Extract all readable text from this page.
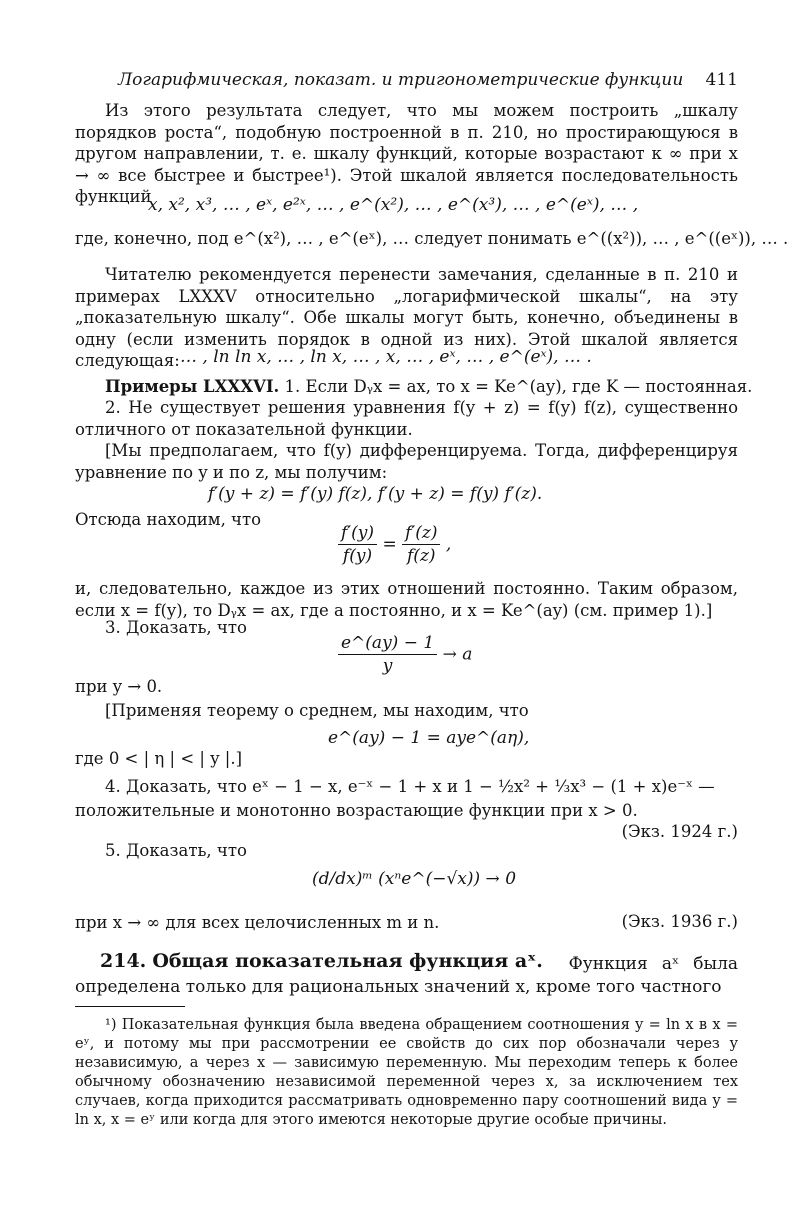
Логарифмическая, показат. и тригонометрические функции 411
Из этого результата следует, что мы можем построить „шкалу порядков роста“, подобную построенной в п. 210, но простирающуюся в другом направлении, т. е. шкалу функций, которые возрастают к ∞ при x → ∞ все быстрее и быстрее¹). Этой шкалой является последовательность функций
x, x², x³, … , eˣ, e²ˣ, … , e^(x²), … , e^(x³), … , e^(eˣ), … ,
где, конечно, под e^(x²), … , e^(eˣ), … следует понимать e^((x²)), … , e^((eˣ)), … .
Читателю рекомендуется перенести замечания, сделанные в п. 210 и примерах LXXXV относительно „логарифмической шкалы“, на эту „показательную шкалу“. Обе шкалы могут быть, конечно, объединены в одну (если изменить порядок в одной из них). Этой шкалой является следующая: … , ln ln x, … , ln x, … , x, … , eˣ, … , e^(eˣ), … .
Примеры LXXXVI. 1. Если Dᵧx = ax, то x = Ke^(ay), где K — постоянная.
2. Не существует решения уравнения f(y + z) = f(y) f(z), существенно отличного от показательной функции.
[Мы предполагаем, что f(y) дифференцируема. Тогда, дифференцируя уравнение по y и по z, мы получим:
f′(y + z) = f′(y) f(z), f′(y + z) = f(y) f′(z).
Отсюда находим, что
$\frac{f'(y)}{f(y)} = \frac{f'(z)}{f(z)}$ ,
и, следовательно, каждое из этих отношений постоянно. Таким образом, если x = f(y), то Dᵧx = ax, где a постоянно, и x = Ke^(ay) (см. пример 1).]
3. Доказать, что
$\frac{e\^{}(ay) - 1}{y} \to a$
при y → 0.
[Применяя теорему о среднем, мы находим, что
e^(ay) − 1 = aye^(aη),
где 0 < | η | < | y |.]
4. Доказать, что eˣ − 1 − x, e⁻ˣ − 1 + x и 1 − ½x² + ⅓x³ − (1 + x)e⁻ˣ —
положительные и монотонно возрастающие функции при x > 0.
(Экз. 1924 г.)
5. Доказать, что
(d/dx)ᵐ (xⁿe^(−√x)) → 0
при x → ∞ для всех целочисленных m и n.	(Экз. 1936 г.)
214. Общая показательная функция aˣ.	Функция aˣ была определена только для рациональных значений x, кроме того частного
¹) Показательная функция была введена обращением соотношения y = ln x в x = eʸ, и потому мы при рассмотрении ее свойств до сих пор обозначали через y независимую, а через x — зависимую переменную. Мы переходим теперь к более обычному обозначению независимой переменной через x, за исключением тех случаев, когда приходится рассматривать одновременно пару соотношений вида y = ln x, x = eʸ или когда для этого имеются некоторые другие особые причины.
